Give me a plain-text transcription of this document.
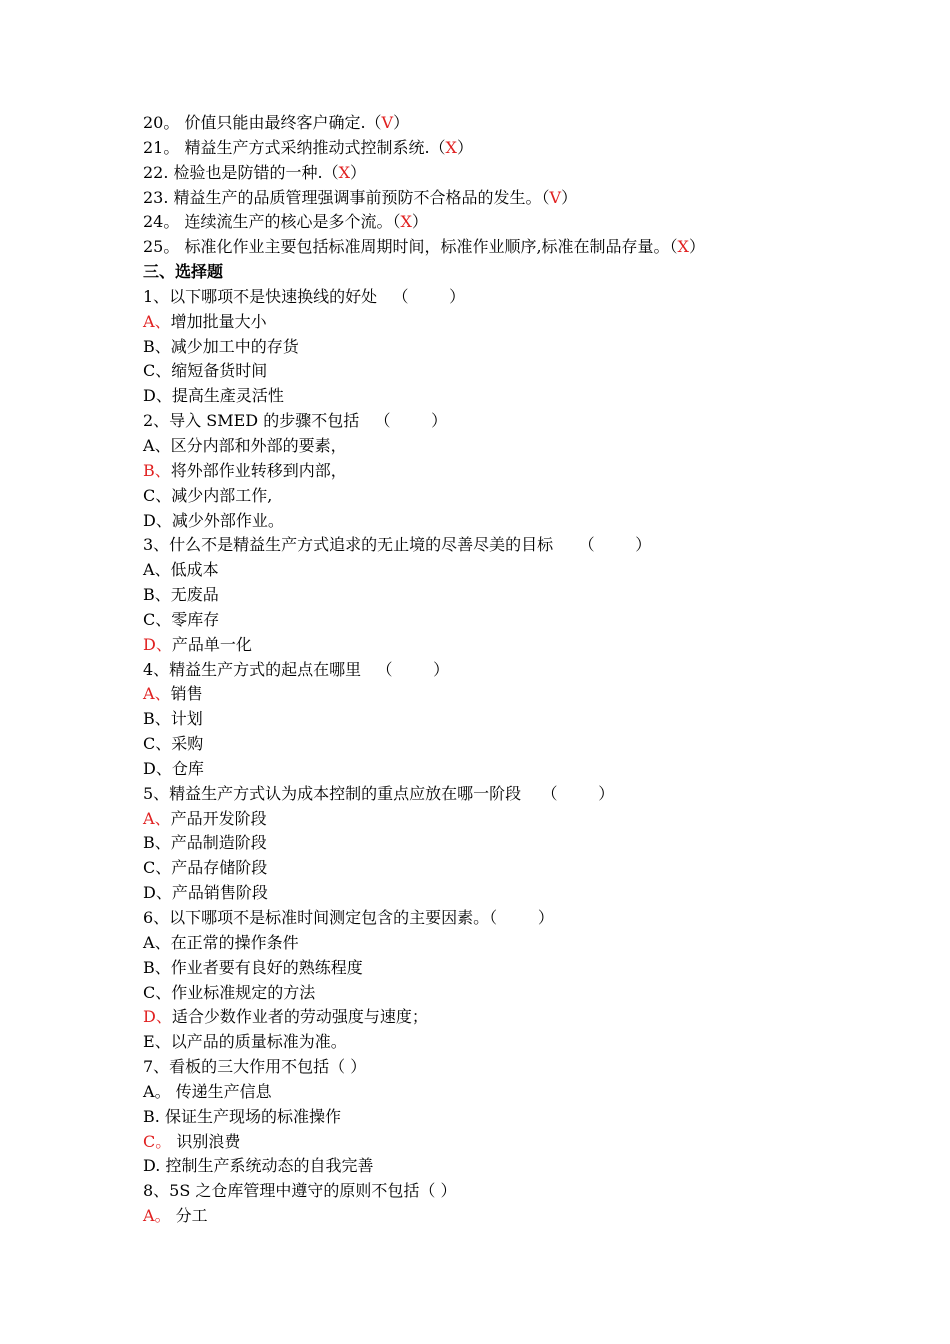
20。 价值只能由最终客户确定.（V）
21。 精益生产方式采纳推动式控制系统.（X）
22. 检验也是防错的一种.（X）
23. 精益生产的品质管理强调事前预防不合格品的发生。（V）
24。 连续流生产的核心是多个流。（X）
25。 标准化作业主要包括标准周期时间，标准作业顺序,标准在制品存量。（X）
三、选择题
1、以下哪项不是快速换线的好处   （        ）
A、增加批量大小
B、减少加工中的存货
C、缩短备货时间
D、提高生產灵活性
2、导入 SMED 的步骤不包括   （        ）
A、区分内部和外部的要素，
B、将外部作业转移到内部，
C、减少内部工作,
D、减少外部作业。
3、什么不是精益生产方式追求的无止境的尽善尽美的目标     （        ）
A、低成本
B、无废品
C、零库存
D、产品单一化
4、精益生产方式的起点在哪里   （        ）
A、销售
B、计划
C、采购
D、仓库
5、精益生产方式认为成本控制的重点应放在哪一阶段    （        ）
A、产品开发阶段
B、产品制造阶段
C、产品存储阶段
D、产品销售阶段
6、以下哪项不是标准时间测定包含的主要因素。（        ）
A、在正常的操作条件
B、作业者要有良好的熟练程度
C、作业标准规定的方法
D、适合少数作业者的劳动强度与速度；
E、以产品的质量标准为准。
7、看板的三大作用不包括（ ）
A。 传递生产信息
B. 保证生产现场的标准操作
C。 识别浪费
D. 控制生产系统动态的自我完善
8、5S 之仓库管理中遵守的原则不包括（ ）
A。 分工
